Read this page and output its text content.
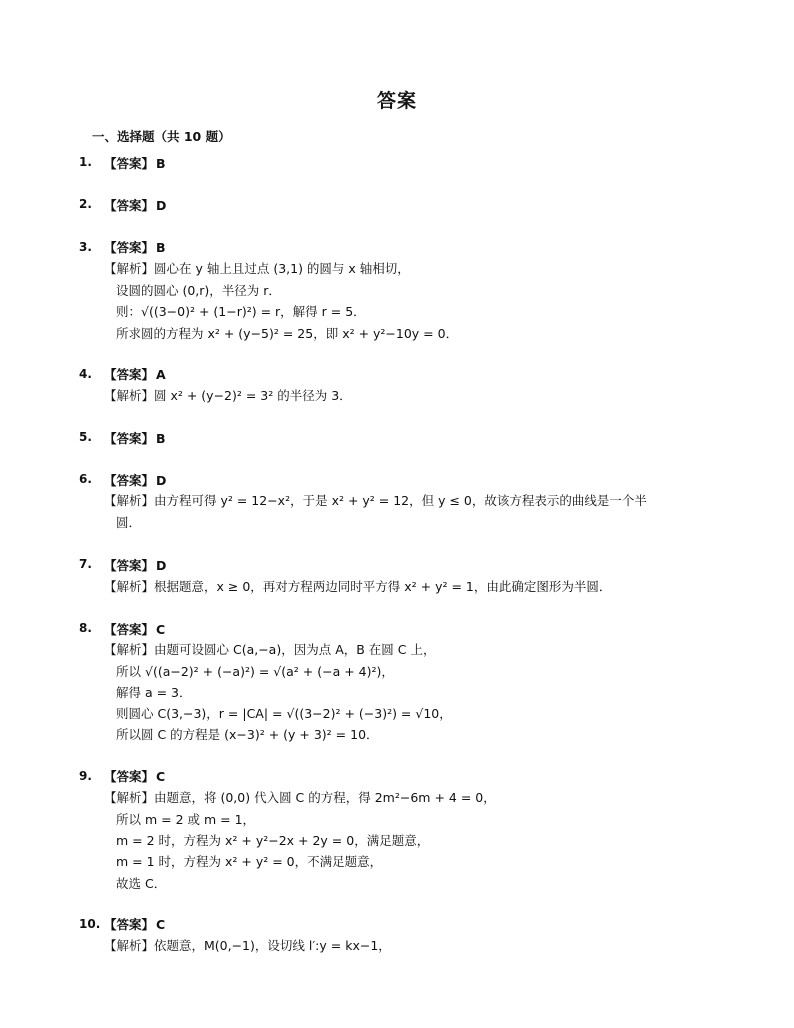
答案
一、选择题（共 10 题）
1. 【答案】 B
2. 【答案】 D
3. 【答案】 B
【解析】圆心在 y 轴上且过点 (3,1) 的圆与 x 轴相切，
设圆的圆心 (0,r)，半径为 r．
则：√((3−0)² + (1−r)²) = r，解得 r = 5．
所求圆的方程为 x² + (y−5)² = 25，即 x² + y²−10y = 0．
4. 【答案】 A
【解析】圆 x² + (y−2)² = 3² 的半径为 3．
5. 【答案】 B
6. 【答案】 D
【解析】由方程可得 y² = 12−x²，于是 x² + y² = 12，但 y ≤ 0，故该方程表示的曲线是一个半
圆．
7. 【答案】 D
【解析】根据题意，x ≥ 0，再对方程两边同时平方得 x² + y² = 1，由此确定图形为半圆．
8. 【答案】 C
【解析】由题可设圆心 C(a,−a)，因为点 A，B 在圆 C 上，
所以 √((a−2)² + (−a)²) = √(a² + (−a + 4)²)，
解得 a = 3．
则圆心 C(3,−3)，r = |CA| = √((3−2)² + (−3)²) = √10，
所以圆 C 的方程是 (x−3)² + (y + 3)² = 10．
9. 【答案】 C
【解析】由题意，将 (0,0) 代入圆 C 的方程，得 2m²−6m + 4 = 0，
所以 m = 2 或 m = 1，
m = 2 时，方程为 x² + y²−2x + 2y = 0，满足题意，
m = 1 时，方程为 x² + y² = 0，不满足题意，
故选 C．
10. 【答案】 C
【解析】依题意，M(0,−1)，设切线 l′:y = kx−1，
